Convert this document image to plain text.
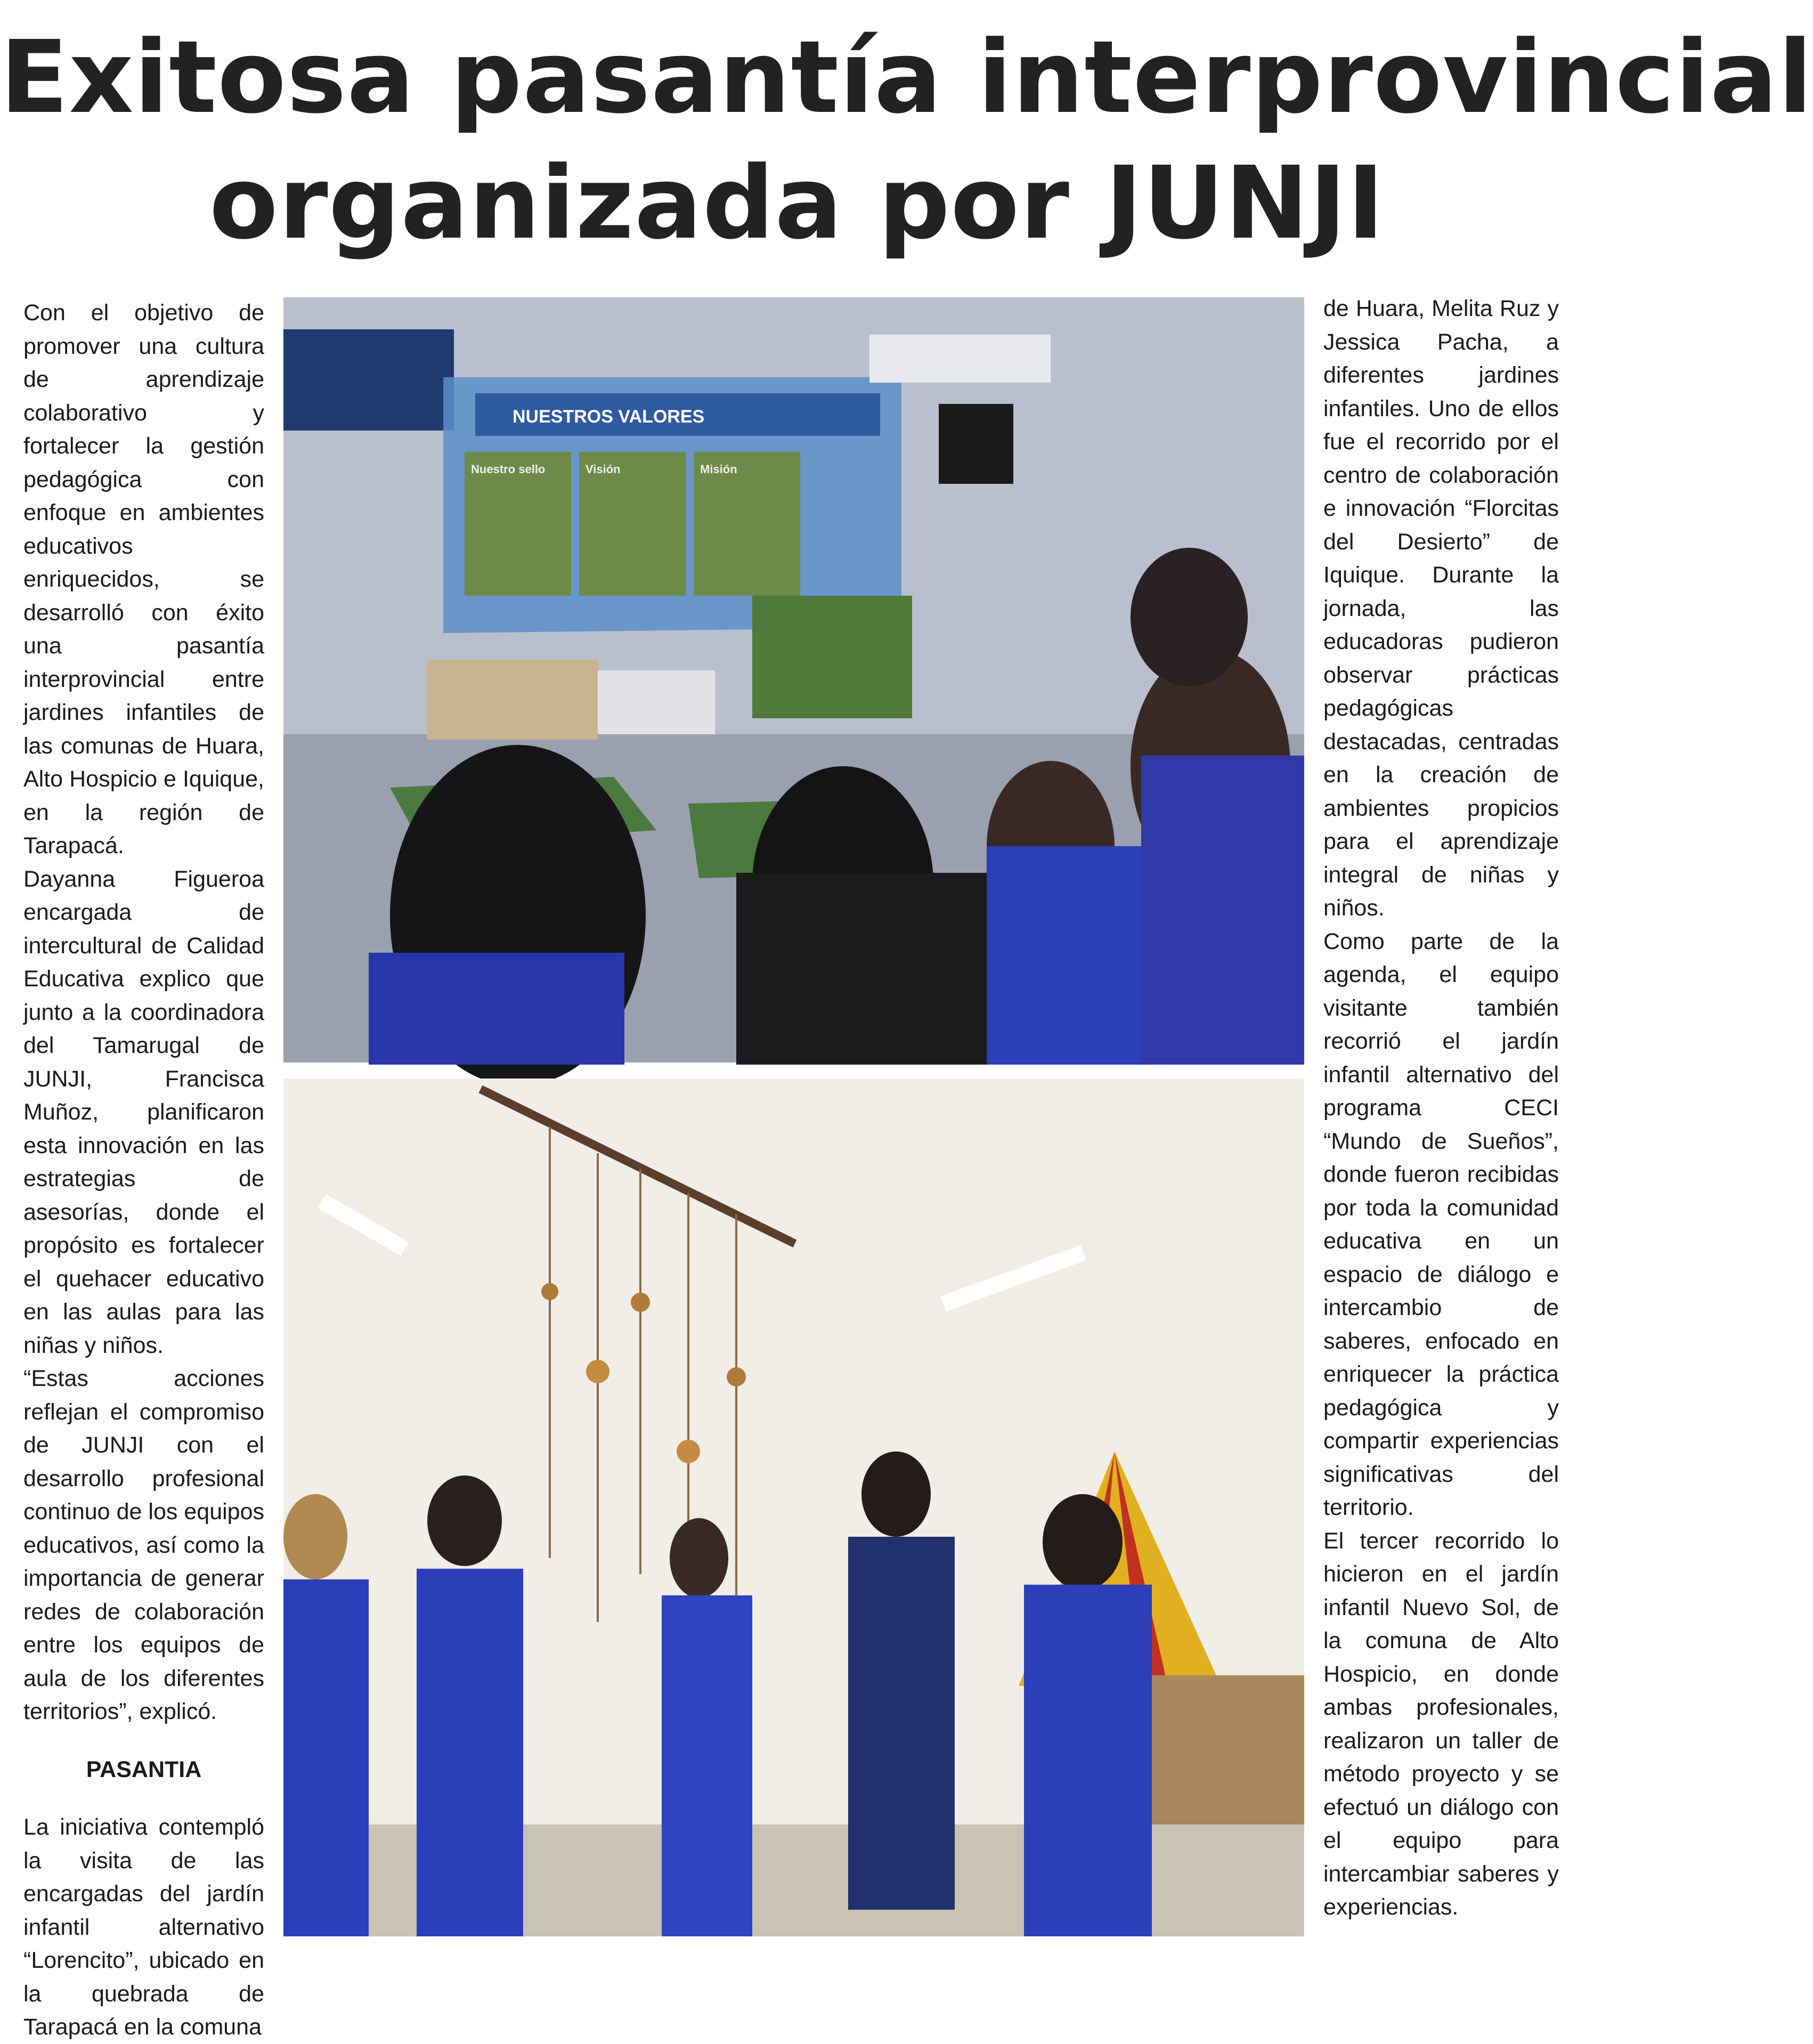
Exitosa pasantía interprovincial
organizada por JUNJI

Con el objetivo de promover una cultura de aprendizaje colaborativo y fortalecer la gestión pedagógica con enfoque en ambientes educativos enriquecidos, se desarrolló con éxito una pasantía interprovincial entre jardines infantiles de las comunas de Huara, Alto Hospicio e Iquique, en la región de Tarapacá.

Dayanna Figueroa encargada de intercultural de Calidad Educativa explico que junto a la coordinadora del Tamarugal de JUNJI, Francisca Muñoz, planificaron esta innovación en las estrategias de asesorías, donde el propósito es fortalecer el quehacer educativo en las aulas para las niñas y niños.

“Estas acciones reflejan el compromiso de JUNJI con el desarrollo profesional continuo de los equipos educativos, así como la importancia de generar redes de colaboración entre los equipos de aula de los diferentes territorios”, explicó.

PASANTIA

La iniciativa contempló la visita de las encargadas del jardín infantil alternativo “Lorencito”, ubicado en la quebrada de Tarapacá en la comuna

NUESTROS VALORES
Nuestro sello	Visión	Misión

de Huara, Melita Ruz y Jessica Pacha, a diferentes jardines infantiles. Uno de ellos fue el recorrido por el centro de colaboración e innovación “Florcitas del Desierto” de Iquique. Durante la jornada, las educadoras pudieron observar prácticas pedagógicas destacadas, centradas en la creación de ambientes propicios para el aprendizaje integral de niñas y niños.

Como parte de la agenda, el equipo visitante también recorrió el jardín infantil alternativo del programa CECI “Mundo de Sueños”, donde fueron recibidas por toda la comunidad educativa en un espacio de diálogo e intercambio de saberes, enfocado en enriquecer la práctica pedagógica y compartir experiencias significativas del territorio.

El tercer recorrido lo hicieron en el jardín infantil Nuevo Sol, de la comuna de Alto Hospicio, en donde ambas profesionales, realizaron un taller de método proyecto y se efectuó un diálogo con el equipo para intercambiar saberes y experiencias.
